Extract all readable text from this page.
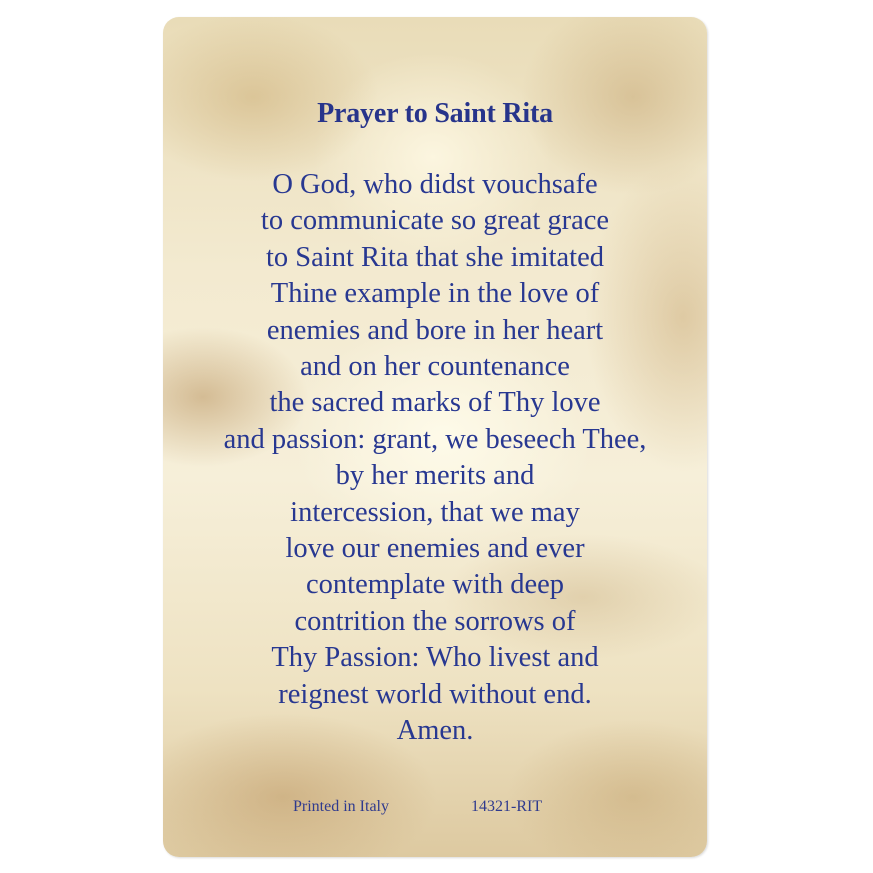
Prayer to Saint Rita
O God, who didst vouchsafe
to communicate so great grace
to Saint Rita that she imitated
Thine example in the love of
enemies and bore in her heart
and on her countenance
the sacred marks of Thy love
and passion: grant, we beseech Thee,
by her merits and
intercession, that we may
love our enemies and ever
contemplate with deep
contrition the sorrows of
Thy Passion: Who livest and
reignest world without end.
Amen.
Printed in Italy	14321-RIT
